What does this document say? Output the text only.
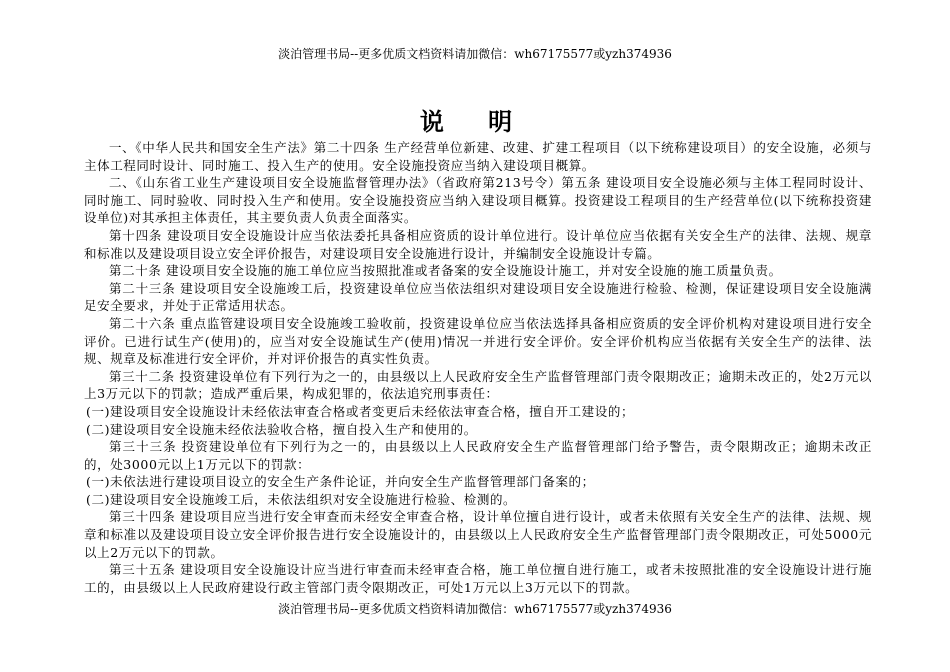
淡泊管理书局--更多优质文档资料请加微信：wh67175577或yzh374936
说 明

一、《中华人民共和国安全生产法》第二十四条 生产经营单位新建、改建、扩建工程项目（以下统称建设项目）的安全设施，必须与主体工程同时设计、同时施工、投入生产的使用。安全设施投资应当纳入建设项目概算。

二、《山东省工业生产建设项目安全设施监督管理办法》（省政府第213号令）第五条 建设项目安全设施必须与主体工程同时设计、同时施工、同时验收、同时投入生产和使用。安全设施投资应当纳入建设项目概算。投资建设工程项目的生产经营单位(以下统称投资建设单位)对其承担主体责任，其主要负责人负责全面落实。

第十四条 建设项目安全设施设计应当依法委托具备相应资质的设计单位进行。设计单位应当依据有关安全生产的法律、法规、规章和标准以及建设项目设立安全评价报告，对建设项目安全设施进行设计，并编制安全设施设计专篇。

第二十条 建设项目安全设施的施工单位应当按照批准或者备案的安全设施设计施工，并对安全设施的施工质量负责。

第二十三条 建设项目安全设施竣工后，投资建设单位应当依法组织对建设项目安全设施进行检验、检测，保证建设项目安全设施满足安全要求，并处于正常适用状态。

第二十六条 重点监管建设项目安全设施竣工验收前，投资建设单位应当依法选择具备相应资质的安全评价机构对建设项目进行安全评价。已进行试生产(使用)的，应当对安全设施试生产(使用)情况一并进行安全评价。安全评价机构应当依据有关安全生产的法律、法规、规章及标准进行安全评价，并对评价报告的真实性负责。

第三十二条 投资建设单位有下列行为之一的，由县级以上人民政府安全生产监督管理部门责令限期改正；逾期未改正的，处2万元以上3万元以下的罚款；造成严重后果，构成犯罪的，依法追究刑事责任：

(一)建设项目安全设施设计未经依法审查合格或者变更后未经依法审查合格，擅自开工建设的；

(二)建设项目安全设施未经依法验收合格，擅自投入生产和使用的。

第三十三条 投资建设单位有下列行为之一的，由县级以上人民政府安全生产监督管理部门给予警告，责令限期改正；逾期未改正的，处3000元以上1万元以下的罚款：

(一)未依法进行建设项目设立的安全生产条件论证，并向安全生产监督管理部门备案的；

(二)建设项目安全设施竣工后，未依法组织对安全设施进行检验、检测的。

第三十四条 建设项目应当进行安全审查而未经安全审查合格，设计单位擅自进行设计，或者未依照有关安全生产的法律、法规、规章和标准以及建设项目设立安全评价报告进行安全设施设计的，由县级以上人民政府安全生产监督管理部门责令限期改正，可处5000元以上2万元以下的罚款。

第三十五条 建设项目安全设施设计应当进行审查而未经审查合格，施工单位擅自进行施工，或者未按照批准的安全设施设计进行施工的，由县级以上人民政府建设行政主管部门责令限期改正，可处1万元以上3万元以下的罚款。

淡泊管理书局--更多优质文档资料请加微信：wh67175577或yzh374936
